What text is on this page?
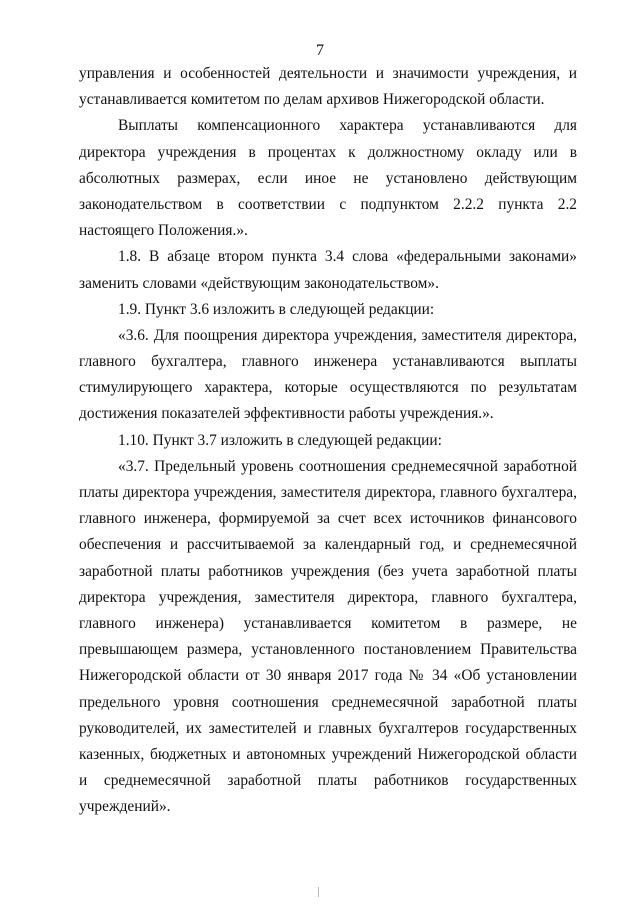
7
управления и особенностей деятельности и значимости учреждения, и
устанавливается комитетом по делам архивов Нижегородской области.
Выплаты компенсационного характера устанавливаются для
директора учреждения в процентах к должностному окладу или в
абсолютных размерах, если иное не установлено действующим
законодательством в соответствии с подпунктом 2.2.2 пункта 2.2
настоящего Положения.».
1.8. В абзаце втором пункта 3.4 слова «федеральными законами»
заменить словами «действующим законодательством».
1.9. Пункт 3.6 изложить в следующей редакции:
«3.6. Для поощрения директора учреждения, заместителя директора,
главного бухгалтера, главного инженера устанавливаются выплаты
стимулирующего характера, которые осуществляются по результатам
достижения показателей эффективности работы учреждения.».
1.10. Пункт 3.7 изложить в следующей редакции:
«3.7. Предельный уровень соотношения среднемесячной заработной
платы директора учреждения, заместителя директора, главного бухгалтера,
главного инженера, формируемой за счет всех источников финансового
обеспечения и рассчитываемой за календарный год, и среднемесячной
заработной платы работников учреждения (без учета заработной платы
директора учреждения, заместителя директора, главного бухгалтера,
главного инженера) устанавливается комитетом в размере, не
превышающем размера, установленного постановлением Правительства
Нижегородской области от 30 января 2017 года № 34 «Об установлении
предельного уровня соотношения среднемесячной заработной платы
руководителей, их заместителей и главных бухгалтеров государственных
казенных, бюджетных и автономных учреждений Нижегородской области
и среднемесячной заработной платы работников государственных
учреждений».
